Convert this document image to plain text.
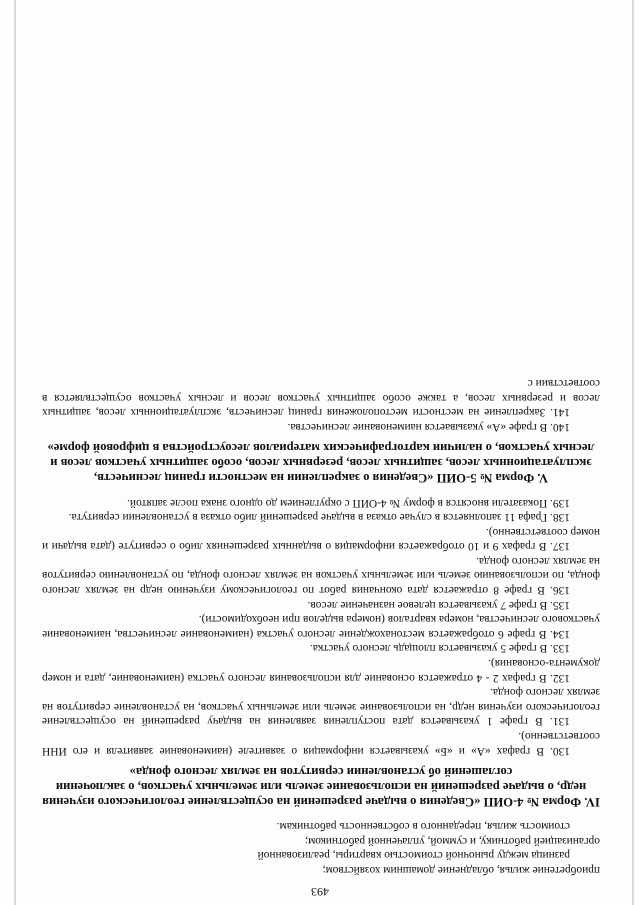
493

приобретение жилья, обладнение домашним хозяйством;

разница между рыночной стоимостью квартиры, реализованной

организацией работнику, и суммой, уплаченной работником;

стоимость жилья, переданного в собственность работникам.

IV. Форма № 4-ОИП «Сведения о выдаче разрешений на осуществление геологического изучения недр, о выдаче разрешений на использование земель или земельных участков, о заключении соглашений об установлении сервитутов на землях лесного фонда»

130. В графах «А» и «Б» указывается информация о заявителе (наименование заявителя и его ИНН соответственно).

131. В графе 1 указывается дата поступления заявления на выдачу разрешений на осуществление геологического изучения недр, на использование земель или земельных участков, на установление сервитутов на землях лесного фонда.

132. В графах 2 - 4 отражается основание для использования лесного участка (наименование, дата и номер документа-основания).

133. В графе 5 указывается площадь лесного участка.

134. В графе 6 отображается местонахождение лесного участка (наименование лесничества, наименование участкового лесничества, номера кварталов (номера выделов при необходимости).

135. В графе 7 указывается целевое назначение лесов.

136. В графе 8 отражается дата окончания работ по геологическому изучению недр на землях лесного фонда, по использованию земель или земельных участков на землях лесного фонда, по установлению сервитутов на землях лесного фонда.

137. В графах 9 и 10 отображается информация о выданных разрешениях либо о сервитуте (дата выдачи и номер соответственно).

138. Графа 11 заполняется в случае отказа в выдаче разрешений либо отказа в установлении сервитута.

139. Показатели вносятся в форму № 4-ОИП с округлением до одного знака после запятой.

V. Форма № 5-ОИП «Сведения о закреплении на местности границ лесничеств, эксплуатационных лесов, защитных лесов, резервных лесов, особо защитных участков лесов и лесных участков, о наличии картографических материалов лесоустройства в цифровой форме»

140. В графе «А» указывается наименование лесничества.

141. Закрепление на местности местоположения границ лесничеств, эксплуатационных лесов, защитных лесов и резервных лесов, а также особо защитных участков лесов и лесных участков осуществляется в соответствии с
